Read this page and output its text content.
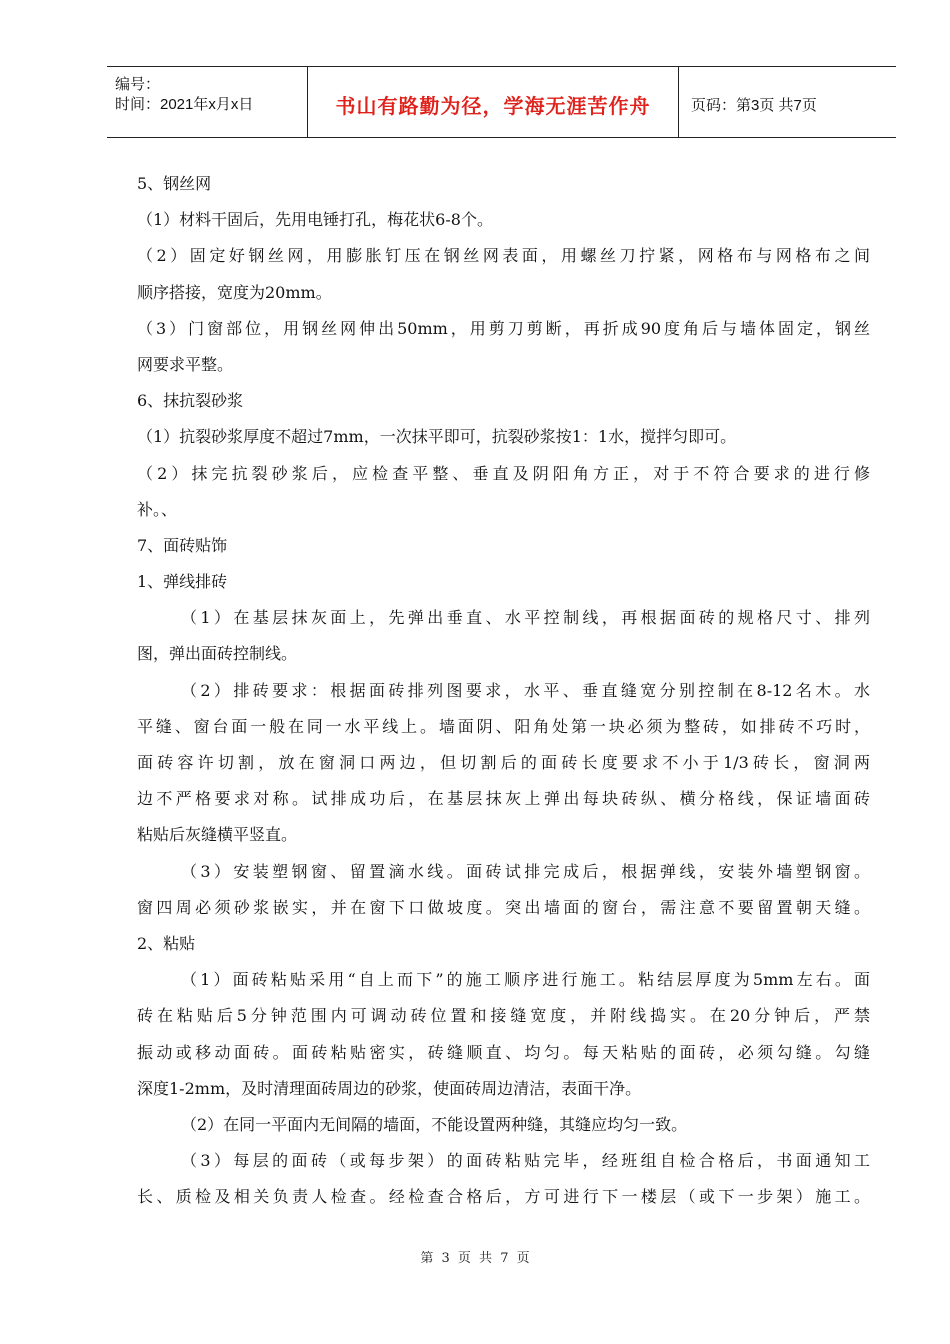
编号：
时间：2021年x月x日	书山有路勤为径，学海无涯苦作舟	页码：第3页 共7页
5、钢丝网
（1）材料干固后，先用电锤打孔，梅花状6-8个。
（2）固定好钢丝网，用膨胀钉压在钢丝网表面，用螺丝刀拧紧，网格布与网格布之间
顺序搭接，宽度为20mm。
（3）门窗部位，用钢丝网伸出50mm，用剪刀剪断，再折成90度角后与墙体固定，钢丝
网要求平整。
6、抹抗裂砂浆
（1）抗裂砂浆厚度不超过7mm，一次抹平即可，抗裂砂浆按1：1水，搅拌匀即可。
（2）抹完抗裂砂浆后，应检查平整、垂直及阴阳角方正，对于不符合要求的进行修
补。、
7、面砖贴饰
1、弹线排砖
（1）在基层抹灰面上，先弹出垂直、水平控制线，再根据面砖的规格尺寸、排列
图，弹出面砖控制线。
（2）排砖要求：根据面砖排列图要求，水平、垂直缝宽分别控制在8-12名木。水
平缝、窗台面一般在同一水平线上。墙面阴、阳角处第一块必须为整砖，如排砖不巧时，
面砖容许切割，放在窗洞口两边，但切割后的面砖长度要求不小于1/3砖长，窗洞两
边不严格要求对称。试排成功后，在基层抹灰上弹出每块砖纵、横分格线，保证墙面砖
粘贴后灰缝横平竖直。
（3）安装塑钢窗、留置滴水线。面砖试排完成后，根据弹线，安装外墙塑钢窗。
窗四周必须砂浆嵌实，并在窗下口做坡度。突出墙面的窗台，需注意不要留置朝天缝。
2、粘贴
（1）面砖粘贴采用“自上而下”的施工顺序进行施工。粘结层厚度为5mm左右。面
砖在粘贴后5分钟范围内可调动砖位置和接缝宽度，并附线捣实。在20分钟后，严禁
振动或移动面砖。面砖粘贴密实，砖缝顺直、均匀。每天粘贴的面砖，必须勾缝。勾缝
深度1-2mm，及时清理面砖周边的砂浆，使面砖周边清洁，表面干净。
（2）在同一平面内无间隔的墙面，不能设置两种缝，其缝应均匀一致。
（3）每层的面砖（或每步架）的面砖粘贴完毕，经班组自检合格后，书面通知工
长、质检及相关负责人检查。经检查合格后，方可进行下一楼层（或下一步架）施工。
第 3 页 共 7 页
